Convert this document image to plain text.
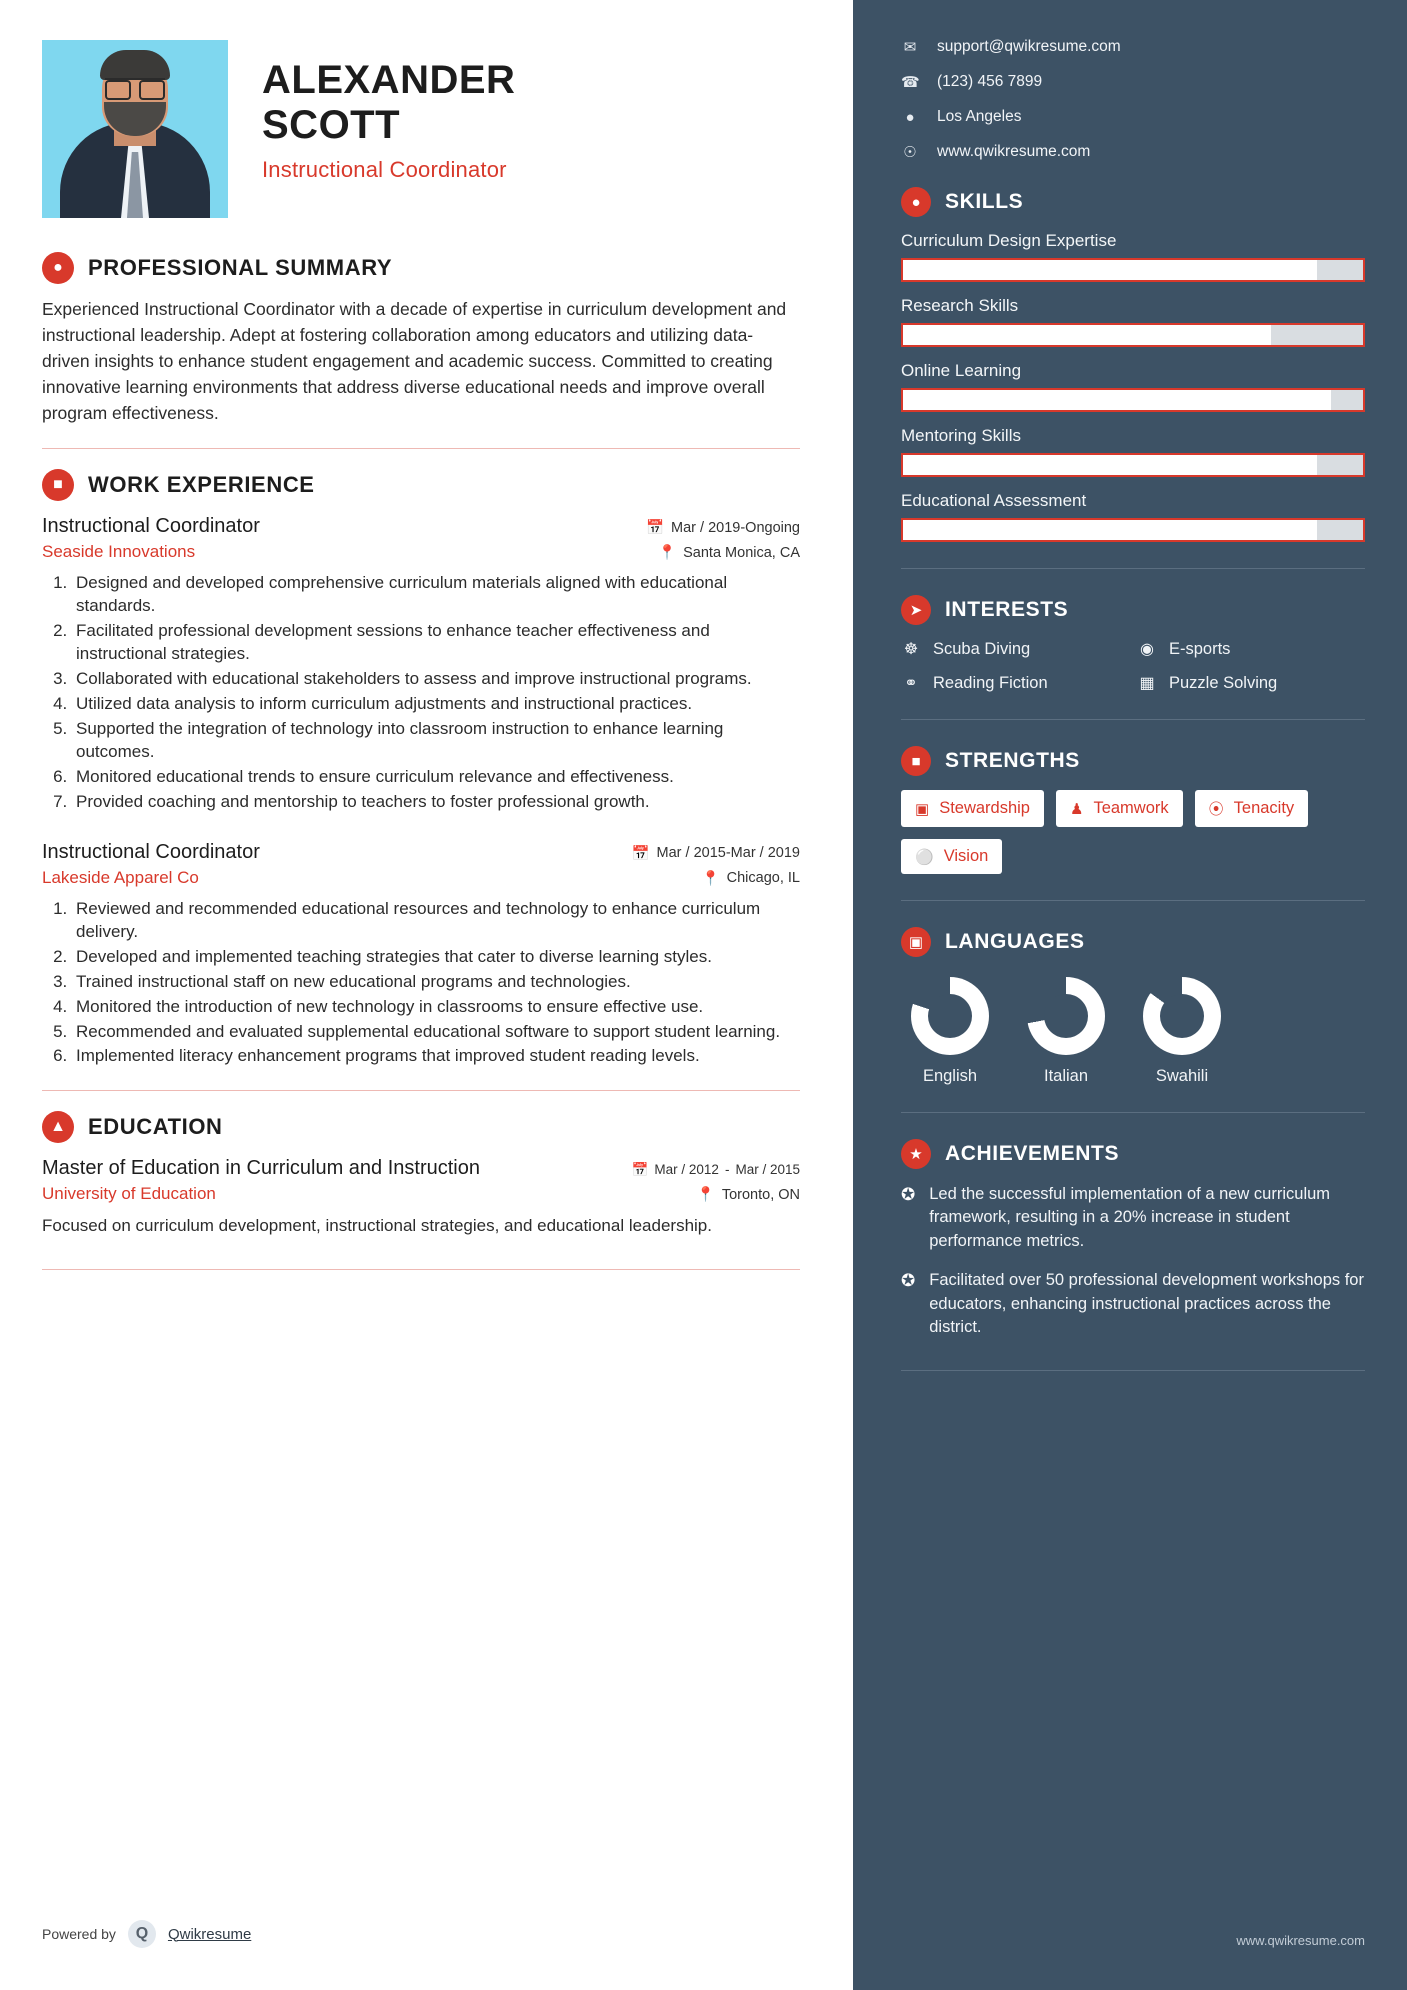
ALEXANDER
SCOTT
Instructional Coordinator
●	PROFESSIONAL SUMMARY
Experienced Instructional Coordinator with a decade of expertise in curriculum development and instructional leadership. Adept at fostering collaboration among educators and utilizing data-driven insights to enhance student engagement and academic success. Committed to creating innovative learning environments that address diverse educational needs and improve overall program effectiveness.
■	WORK EXPERIENCE
Instructional Coordinator	📅 Mar / 2019-Ongoing
Seaside Innovations	📍 Santa Monica, CA
1. Designed and developed comprehensive curriculum materials aligned with educational standards.
2. Facilitated professional development sessions to enhance teacher effectiveness and instructional strategies.
3. Collaborated with educational stakeholders to assess and improve instructional programs.
4. Utilized data analysis to inform curriculum adjustments and instructional practices.
5. Supported the integration of technology into classroom instruction to enhance learning outcomes.
6. Monitored educational trends to ensure curriculum relevance and effectiveness.
7. Provided coaching and mentorship to teachers to foster professional growth.
Instructional Coordinator	📅 Mar / 2015-Mar / 2019
Lakeside Apparel Co	📍 Chicago, IL
1. Reviewed and recommended educational resources and technology to enhance curriculum delivery.
2. Developed and implemented teaching strategies that cater to diverse learning styles.
3. Trained instructional staff on new educational programs and technologies.
4. Monitored the introduction of new technology in classrooms to ensure effective use.
5. Recommended and evaluated supplemental educational software to support student learning.
6. Implemented literacy enhancement programs that improved student reading levels.
▲	EDUCATION
Master of Education in Curriculum and Instruction	📅 Mar / 2012 - Mar / 2015
University of Education	📍 Toronto, ON
Focused on curriculum development, instructional strategies, and educational leadership.
Powered by	Q	Qwikresume
✉ support@qwikresume.com
☎ (123) 456 7899
● Los Angeles
☉ www.qwikresume.com
●	SKILLS
Curriculum Design Expertise
Research Skills
Online Learning
Mentoring Skills
Educational Assessment
➤	INTERESTS
☸ Scuba Diving	◉ E-sports
⚭ Reading Fiction	▦ Puzzle Solving
■	STRENGTHS
▣ Stewardship	♟ Teamwork	⦿ Tenacity
⚪ Vision
▣	LANGUAGES
English	Italian	Swahili
★	ACHIEVEMENTS
✪ Led the successful implementation of a new curriculum framework, resulting in a 20% increase in student performance metrics.
✪ Facilitated over 50 professional development workshops for educators, enhancing instructional practices across the district.
www.qwikresume.com
